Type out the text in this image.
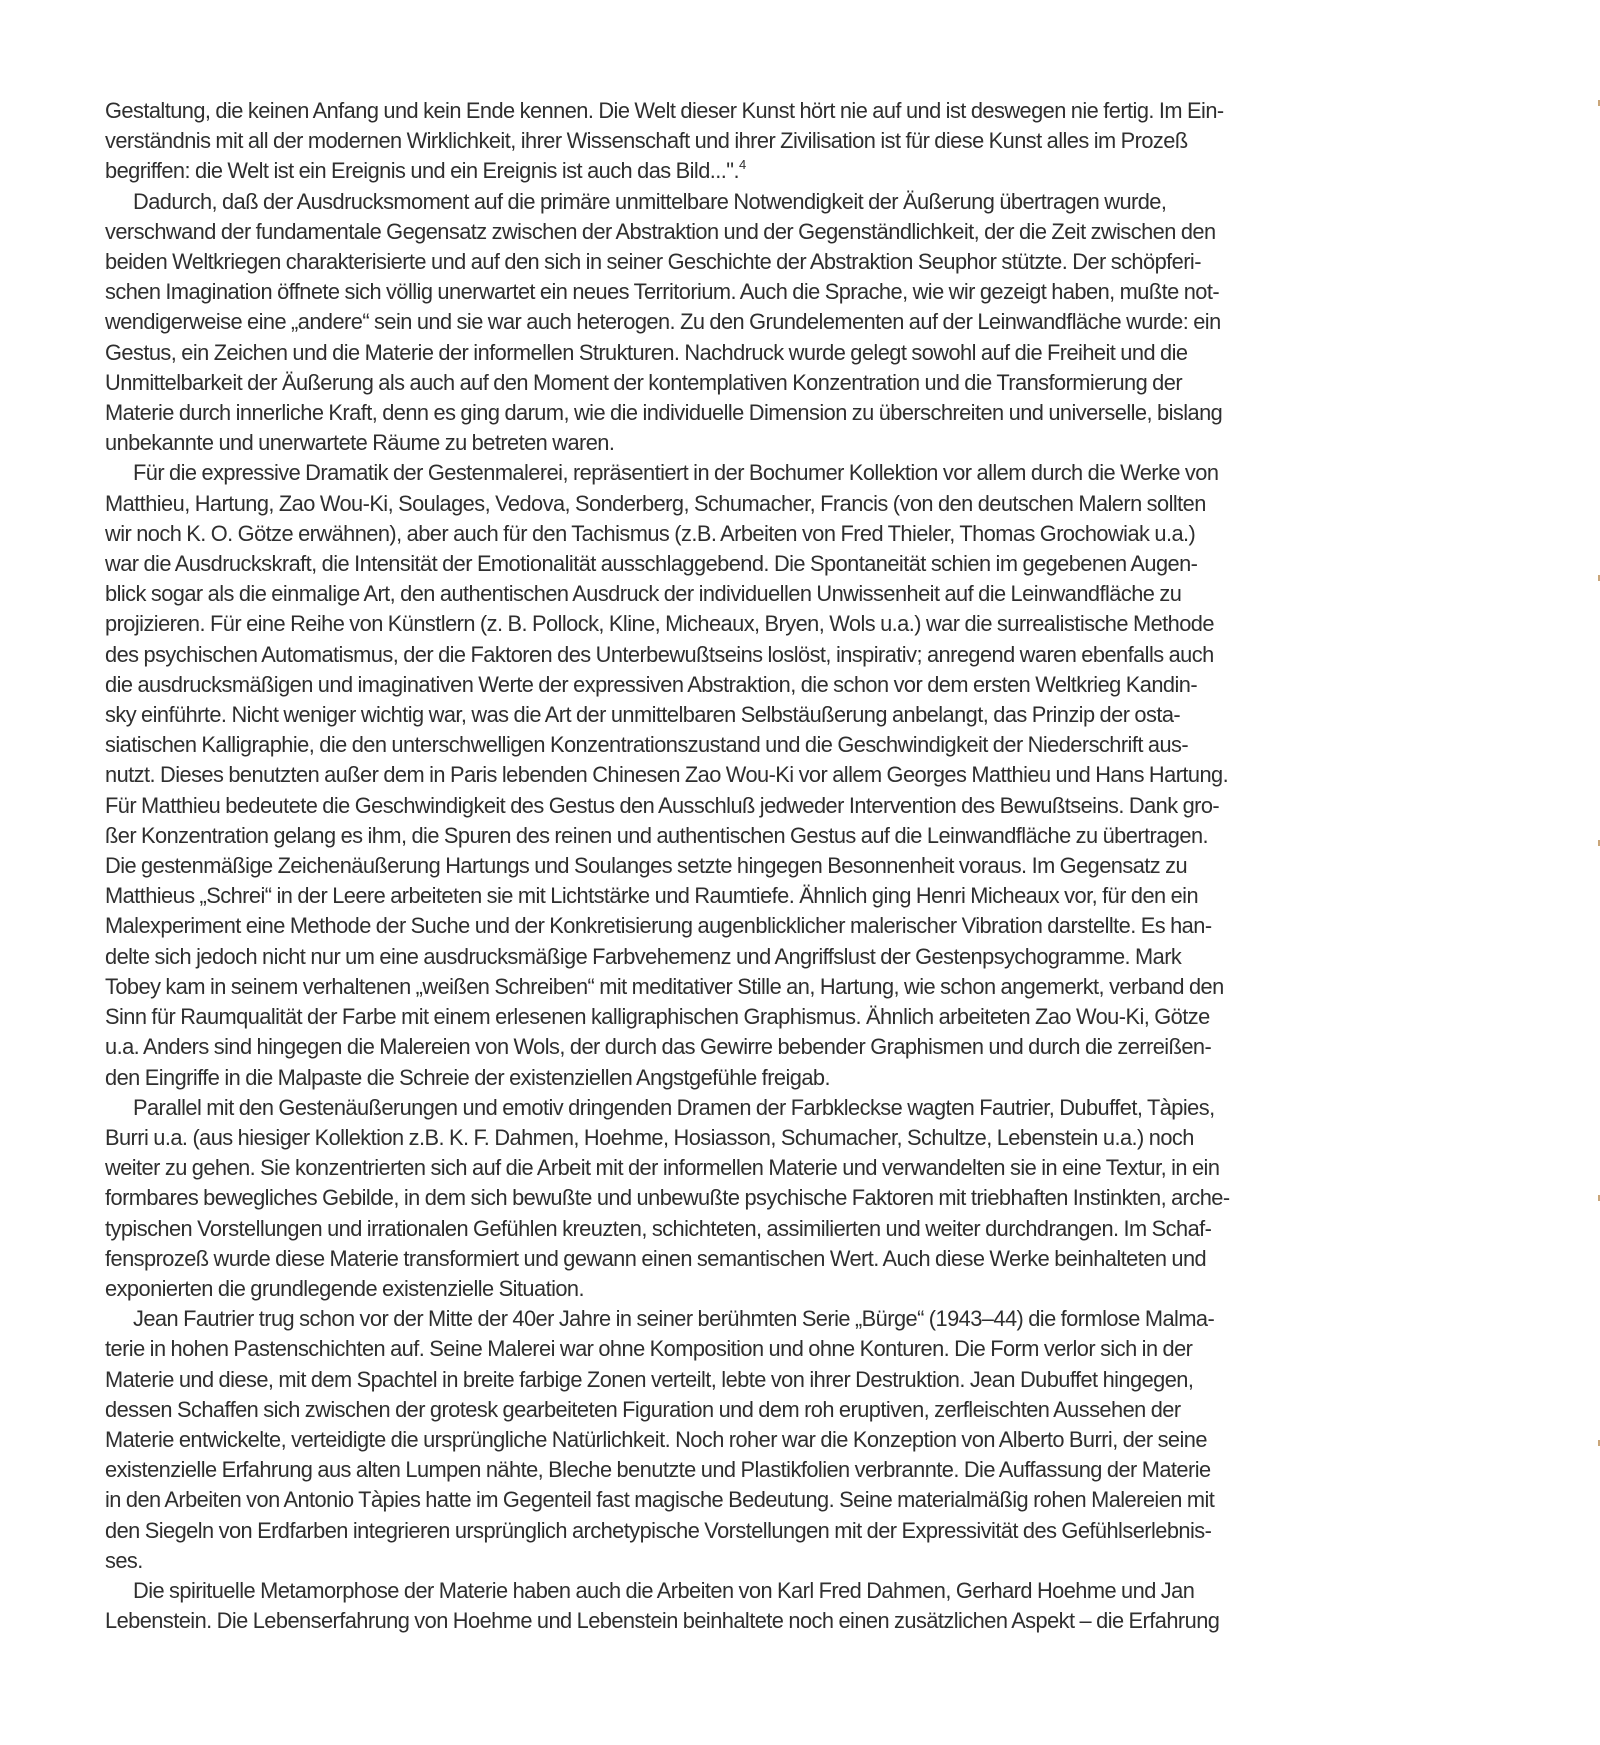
Gestaltung, die keinen Anfang und kein Ende kennen. Die Welt dieser Kunst hört nie auf und ist deswegen nie fertig. Im Ein-
verständnis mit all der modernen Wirklichkeit, ihrer Wissenschaft und ihrer Zivilisation ist für diese Kunst alles im Prozeß
begriffen: die Welt ist ein Ereignis und ein Ereignis ist auch das Bild...".$^4$

Dadurch, daß der Ausdrucksmoment auf die primäre unmittelbare Notwendigkeit der Äußerung übertragen wurde,
verschwand der fundamentale Gegensatz zwischen der Abstraktion und der Gegenständlichkeit, der die Zeit zwischen den
beiden Weltkriegen charakterisierte und auf den sich in seiner Geschichte der Abstraktion Seuphor stützte. Der schöpferi-
schen Imagination öffnete sich völlig unerwartet ein neues Territorium. Auch die Sprache, wie wir gezeigt haben, mußte not-
wendigerweise eine „andere“ sein und sie war auch heterogen. Zu den Grundelementen auf der Leinwandfläche wurde: ein
Gestus, ein Zeichen und die Materie der informellen Strukturen. Nachdruck wurde gelegt sowohl auf die Freiheit und die
Unmittelbarkeit der Äußerung als auch auf den Moment der kontemplativen Konzentration und die Transformierung der
Materie durch innerliche Kraft, denn es ging darum, wie die individuelle Dimension zu überschreiten und universelle, bislang
unbekannte und unerwartete Räume zu betreten waren.

Für die expressive Dramatik der Gestenmalerei, repräsentiert in der Bochumer Kollektion vor allem durch die Werke von
Matthieu, Hartung, Zao Wou-Ki, Soulages, Vedova, Sonderberg, Schumacher, Francis (von den deutschen Malern sollten
wir noch K. O. Götze erwähnen), aber auch für den Tachismus (z.B. Arbeiten von Fred Thieler, Thomas Grochowiak u.a.)
war die Ausdruckskraft, die Intensität der Emotionalität ausschlaggebend. Die Spontaneität schien im gegebenen Augen-
blick sogar als die einmalige Art, den authentischen Ausdruck der individuellen Unwissenheit auf die Leinwandfläche zu
projizieren. Für eine Reihe von Künstlern (z. B. Pollock, Kline, Micheaux, Bryen, Wols u.a.) war die surrealistische Methode
des psychischen Automatismus, der die Faktoren des Unterbewußtseins loslöst, inspirativ; anregend waren ebenfalls auch
die ausdrucksmäßigen und imaginativen Werte der expressiven Abstraktion, die schon vor dem ersten Weltkrieg Kandin-
sky einführte. Nicht weniger wichtig war, was die Art der unmittelbaren Selbstäußerung anbelangt, das Prinzip der osta-
siatischen Kalligraphie, die den unterschwelligen Konzentrationszustand und die Geschwindigkeit der Niederschrift aus-
nutzt. Dieses benutzten außer dem in Paris lebenden Chinesen Zao Wou-Ki vor allem Georges Matthieu und Hans Hartung.
Für Matthieu bedeutete die Geschwindigkeit des Gestus den Ausschluß jedweder Intervention des Bewußtseins. Dank gro-
ßer Konzentration gelang es ihm, die Spuren des reinen und authentischen Gestus auf die Leinwandfläche zu übertragen.
Die gestenmäßige Zeichenäußerung Hartungs und Soulanges setzte hingegen Besonnenheit voraus. Im Gegensatz zu
Matthieus „Schrei“ in der Leere arbeiteten sie mit Lichtstärke und Raumtiefe. Ähnlich ging Henri Micheaux vor, für den ein
Malexperiment eine Methode der Suche und der Konkretisierung augenblicklicher malerischer Vibration darstellte. Es han-
delte sich jedoch nicht nur um eine ausdrucksmäßige Farbvehemenz und Angriffslust der Gestenpsychogramme. Mark
Tobey kam in seinem verhaltenen „weißen Schreiben“ mit meditativer Stille an, Hartung, wie schon angemerkt, verband den
Sinn für Raumqualität der Farbe mit einem erlesenen kalligraphischen Graphismus. Ähnlich arbeiteten Zao Wou-Ki, Götze
u.a. Anders sind hingegen die Malereien von Wols, der durch das Gewirre bebender Graphismen und durch die zerreißen-
den Eingriffe in die Malpaste die Schreie der existenziellen Angstgefühle freigab.

Parallel mit den Gestenäußerungen und emotiv dringenden Dramen der Farbkleckse wagten Fautrier, Dubuffet, Tàpies,
Burri u.a. (aus hiesiger Kollektion z.B. K. F. Dahmen, Hoehme, Hosiasson, Schumacher, Schultze, Lebenstein u.a.) noch
weiter zu gehen. Sie konzentrierten sich auf die Arbeit mit der informellen Materie und verwandelten sie in eine Textur, in ein
formbares bewegliches Gebilde, in dem sich bewußte und unbewußte psychische Faktoren mit triebhaften Instinkten, arche-
typischen Vorstellungen und irrationalen Gefühlen kreuzten, schichteten, assimilierten und weiter durchdrangen. Im Schaf-
fensprozeß wurde diese Materie transformiert und gewann einen semantischen Wert. Auch diese Werke beinhalteten und
exponierten die grundlegende existenzielle Situation.

Jean Fautrier trug schon vor der Mitte der 40er Jahre in seiner berühmten Serie „Bürge“ (1943–44) die formlose Malma-
terie in hohen Pastenschichten auf. Seine Malerei war ohne Komposition und ohne Konturen. Die Form verlor sich in der
Materie und diese, mit dem Spachtel in breite farbige Zonen verteilt, lebte von ihrer Destruktion. Jean Dubuffet hingegen,
dessen Schaffen sich zwischen der grotesk gearbeiteten Figuration und dem roh eruptiven, zerfleischten Aussehen der
Materie entwickelte, verteidigte die ursprüngliche Natürlichkeit. Noch roher war die Konzeption von Alberto Burri, der seine
existenzielle Erfahrung aus alten Lumpen nähte, Bleche benutzte und Plastikfolien verbrannte. Die Auffassung der Materie
in den Arbeiten von Antonio Tàpies hatte im Gegenteil fast magische Bedeutung. Seine materialmäßig rohen Malereien mit
den Siegeln von Erdfarben integrieren ursprünglich archetypische Vorstellungen mit der Expressivität des Gefühlserlebnis-
ses.

Die spirituelle Metamorphose der Materie haben auch die Arbeiten von Karl Fred Dahmen, Gerhard Hoehme und Jan
Lebenstein. Die Lebenserfahrung von Hoehme und Lebenstein beinhaltete noch einen zusätzlichen Aspekt – die Erfahrung
